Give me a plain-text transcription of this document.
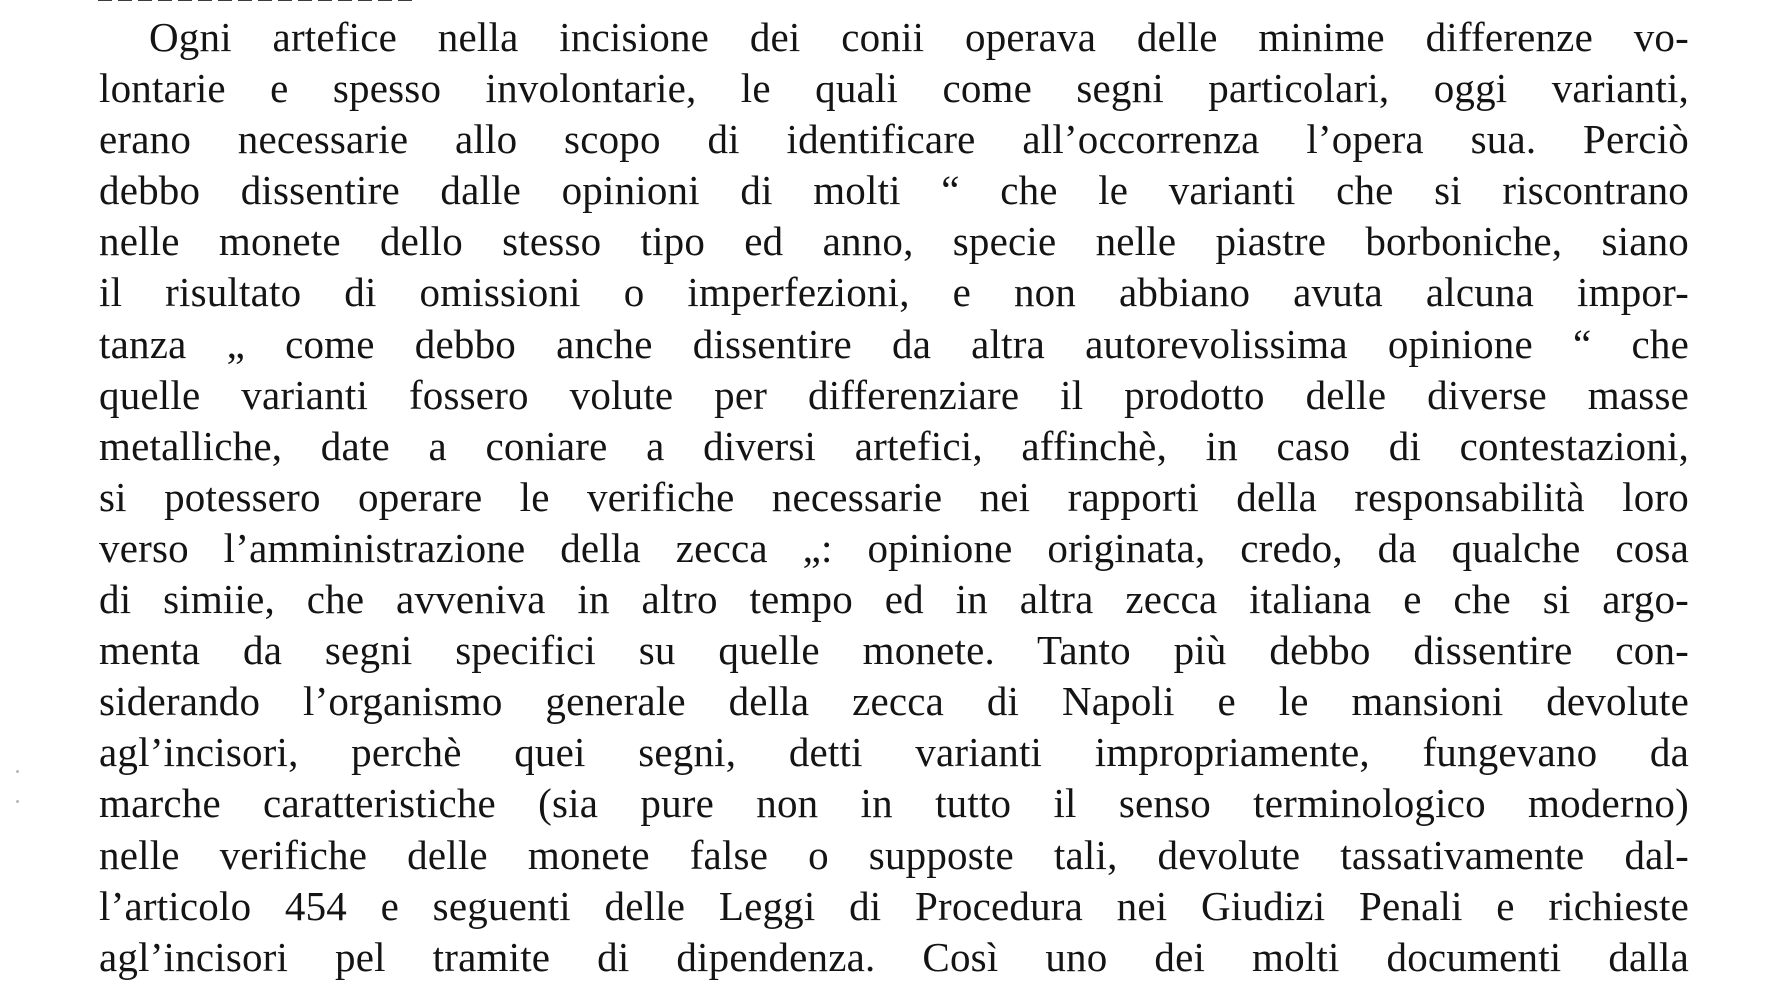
Ogni artefice nella incisione dei conii operava delle minime differenze vo-
lontarie e spesso involontarie, le quali come segni particolari, oggi varianti,
erano necessarie allo scopo di identificare all’occorrenza l’opera sua. Perciò
debbo dissentire dalle opinioni di molti “ che le varianti che si riscontrano
nelle monete dello stesso tipo ed anno, specie nelle piastre borboniche, siano
il risultato di omissioni o imperfezioni, e non abbiano avuta alcuna impor-
tanza „ come debbo anche dissentire da altra autorevolissima opinione “ che
quelle varianti fossero volute per differenziare il prodotto delle diverse masse
metalliche, date a coniare a diversi artefici, affinchè, in caso di contestazioni,
si potessero operare le verifiche necessarie nei rapporti della responsabilità loro
verso l’amministrazione della zecca „: opinione originata, credo, da qualche cosa
di simiie, che avveniva in altro tempo ed in altra zecca italiana e che si argo-
menta da segni specifici su quelle monete. Tanto più debbo dissentire con-
siderando l’organismo generale della zecca di Napoli e le mansioni devolute
agl’incisori, perchè quei segni, detti varianti impropriamente, fungevano da
marche caratteristiche (sia pure non in tutto il senso terminologico moderno)
nelle verifiche delle monete false o supposte tali, devolute tassativamente dal-
l’articolo 454 e seguenti delle Leggi di Procedura nei Giudizi Penali e richieste
agl’incisori pel tramite di dipendenza. Così uno dei molti documenti dalla
